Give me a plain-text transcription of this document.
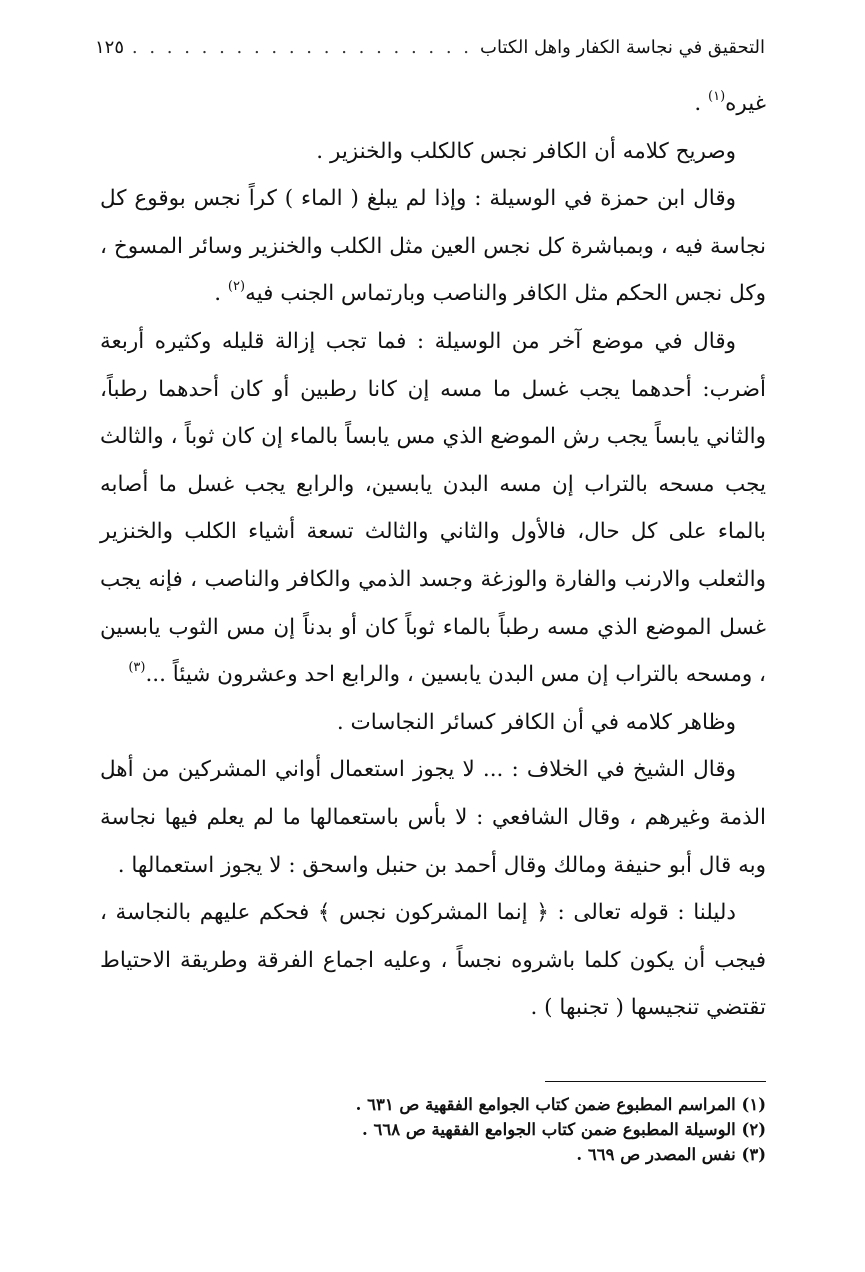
التحقيق في نجاسة الكفار واهل الكتاب
. . .
١٢٥

غيره$^{(١)}$ .

وصريح كلامه أن الكافر نجس كالكلب والخنزير .

وقال ابن حمزة في الوسيلة : وإذا لم يبلغ ( الماء ) كراً نجس بوقوع كل نجاسة فيه ، وبمباشرة كل نجس العين مثل الكلب والخنزير وسائر المسوخ ، وكل نجس الحكم مثل الكافر والناصب وبارتماس الجنب فيه$^{(٢)}$ .

وقال في موضع آخر من الوسيلة : فما تجب إزالة قليله وكثيره أربعة أضرب: أحدهما يجب غسل ما مسه إن كانا رطبين أو كان أحدهما رطباً، والثاني يابساً يجب رش الموضع الذي مس يابساً بالماء إن كان ثوباً ، والثالث يجب مسحه بالتراب إن مسه البدن يابسين، والرابع يجب غسل ما أصابه بالماء على كل حال، فالأول والثاني والثالث تسعة أشياء الكلب والخنزير والثعلب والارنب والفارة والوزغة وجسد الذمي والكافر والناصب ، فإنه يجب غسل الموضع الذي مسه رطباً بالماء ثوباً كان أو بدناً إن مس الثوب يابسين ، ومسحه بالتراب إن مس البدن يابسين ، والرابع احد وعشرون شيئاً ...$^{(٣)}$

وظاهر كلامه في أن الكافر كسائر النجاسات .

وقال الشيخ في الخلاف : ... لا يجوز استعمال أواني المشركين من أهل الذمة وغيرهم ، وقال الشافعي : لا بأس باستعمالها ما لم يعلم فيها نجاسة وبه قال أبو حنيفة ومالك وقال أحمد بن حنبل واسحق : لا يجوز استعمالها .

دليلنا : قوله تعالى : ﴿ إنما المشركون نجس ﴾ فحكم عليهم بالنجاسة ، فيجب أن يكون كلما باشروه نجساً ، وعليه اجماع الفرقة وطريقة الاحتياط تقتضي تنجيسها ( تجنبها ) .

(١) المراسم المطبوع ضمن كتاب الجوامع الفقهية ص ٦٣١ .
(٢) الوسيلة المطبوع ضمن كتاب الجوامع الفقهية ص ٦٦٨ .
(٣) نفس المصدر ص ٦٦٩ .
